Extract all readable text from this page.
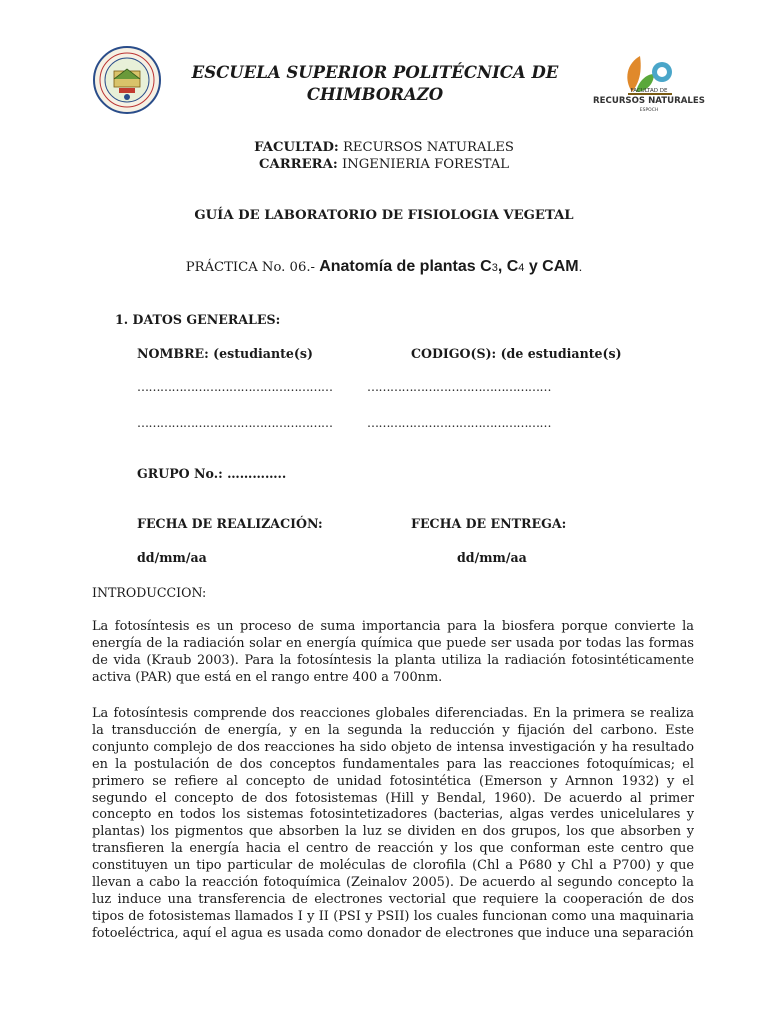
ESCUELA SUPERIOR POLITÉCNICA DE
CHIMBORAZO	FACULTAD DE
RECURSOS NATURALES
ESPOCH
FACULTAD: RECURSOS NATURALES
CARRERA: INGENIERIA FORESTAL
GUÍA DE LABORATORIO DE FISIOLOGIA VEGETAL
PRÁCTICA No. 06.- Anatomía de plantas C3, C4 y CAM.
1. DATOS GENERALES:
NOMBRE: (estudiante(s)	CODIGO(S): (de estudiante(s)
……………………………………………	…………………………………………
……………………………………………	…………………………………………
GRUPO No.: …………..
FECHA DE REALIZACIÓN:	FECHA DE ENTREGA:
dd/mm/aa	dd/mm/aa
INTRODUCCION:

La fotosíntesis es un proceso de suma importancia para la biosfera porque convierte la energía de la radiación solar en energía química que puede ser usada por todas las formas de vida (Kraub 2003). Para la fotosíntesis la planta utiliza la radiación fotosintéticamente activa (PAR) que está en el rango entre 400 a 700nm.

La fotosíntesis comprende dos reacciones globales diferenciadas. En la primera se realiza la transducción de energía, y en la segunda la reducción y fijación del carbono. Este conjunto complejo de dos reacciones ha sido objeto de intensa investigación y ha resultado en la postulación de dos conceptos fundamentales para las reacciones fotoquímicas; el primero se refiere al concepto de unidad fotosintética (Emerson y Arnnon 1932) y el segundo el concepto de dos fotosistemas (Hill y Bendal, 1960). De acuerdo al primer concepto en todos los sistemas fotosintetizadores (bacterias, algas verdes unicelulares y plantas) los pigmentos que absorben la luz se dividen en dos grupos, los que absorben y transfieren la energía hacia el centro de reacción y los que conforman este centro que constituyen un tipo particular de moléculas de clorofila (Chl a P680 y Chl a P700) y que llevan a cabo la reacción fotoquímica (Zeinalov 2005). De acuerdo al segundo concepto la luz induce una transferencia de electrones vectorial que requiere la cooperación de dos tipos de fotosistemas llamados I y II (PSI y PSII) los cuales funcionan como una maquinaria fotoeléctrica, aquí el agua es usada como donador de electrones que induce una separación
